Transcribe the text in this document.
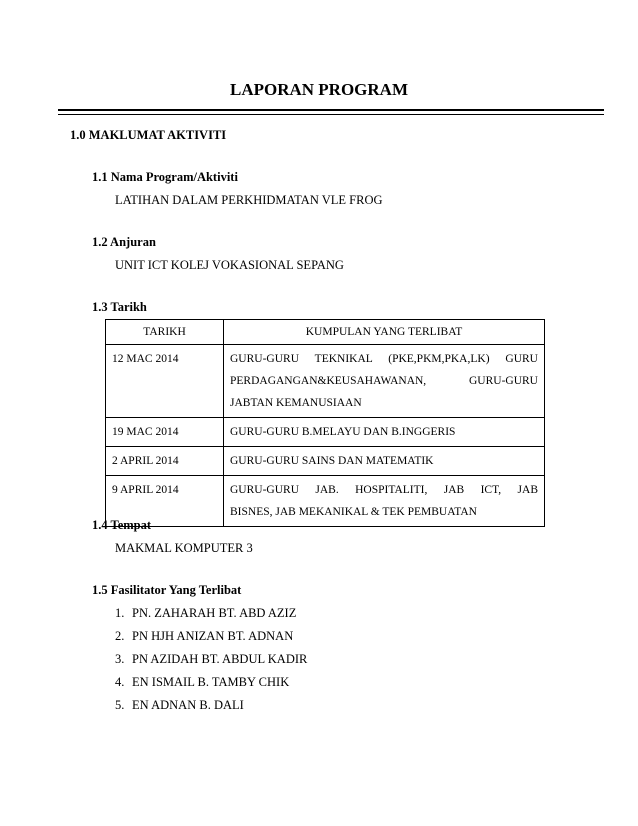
LAPORAN PROGRAM
1.0 MAKLUMAT AKTIVITI
1.1 Nama Program/Aktiviti
LATIHAN DALAM PERKHIDMATAN VLE FROG
1.2 Anjuran
UNIT ICT KOLEJ VOKASIONAL SEPANG
1.3 Tarikh
TARIKH	KUMPULAN YANG TERLIBAT
12 MAC 2014	GURU-GURU TEKNIKAL (PKE,PKM,PKA,LK) GURU
PERDAGANGAN&KEUSAHAWANAN, GURU-GURU
JABTAN KEMANUSIAAN

19 MAC 2014	GURU-GURU B.MELAYU DAN B.INGGERIS

2 APRIL 2014	GURU-GURU SAINS DAN MATEMATIK

9 APRIL 2014	GURU-GURU JAB. HOSPITALITI, JAB ICT, JAB
BISNES, JAB MEKANIKAL & TEK PEMBUATAN
1.4 Tempat
MAKMAL KOMPUTER 3
1.5 Fasilitator Yang Terlibat
1. PN. ZAHARAH BT. ABD AZIZ
2. PN HJH ANIZAN BT. ADNAN
3. PN AZIDAH BT. ABDUL KADIR
4. EN ISMAIL B. TAMBY CHIK
5. EN ADNAN B. DALI
